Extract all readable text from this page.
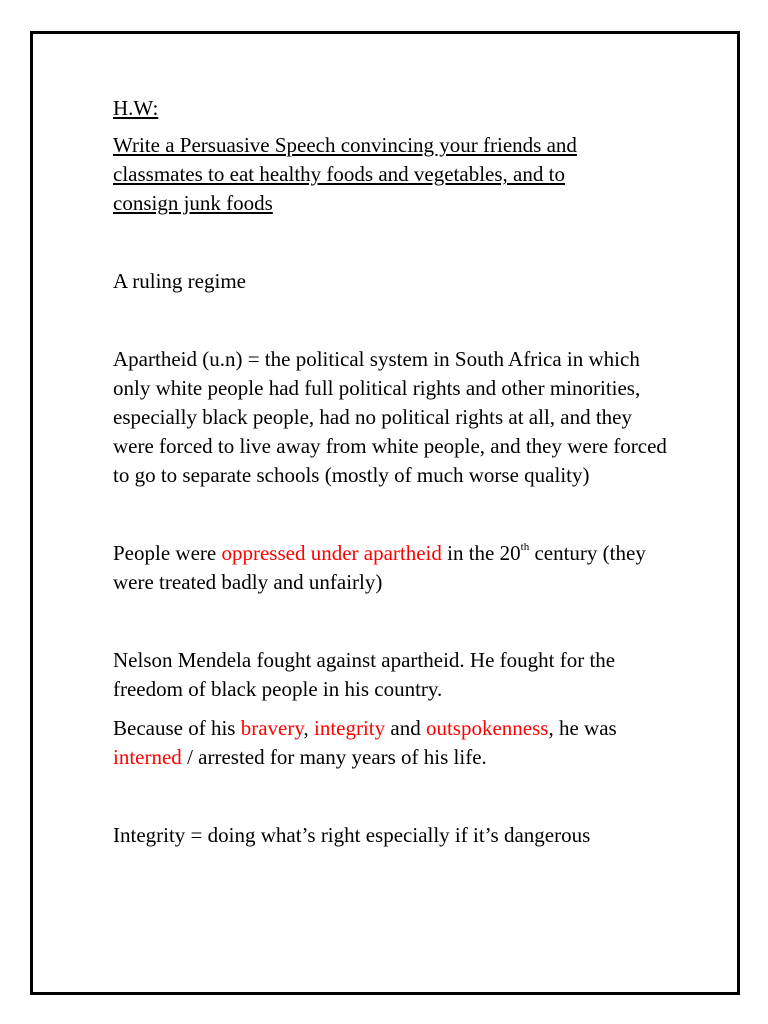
H.W:

Write a Persuasive Speech convincing your friends and classmates to eat healthy foods and vegetables, and to consign junk foods

A ruling regime

Apartheid (u.n) = the political system in South Africa in which only white people had full political rights and other minorities, especially black people, had no political rights at all, and they were forced to live away from white people, and they were forced to go to separate schools (mostly of much worse quality)

People were oppressed under apartheid in the 20th century (they were treated badly and unfairly)

Nelson Mendela fought against apartheid. He fought for the freedom of black people in his country.

Because of his bravery, integrity and outspokenness, he was interned / arrested for many years of his life.

Integrity = doing what’s right especially if it’s dangerous
